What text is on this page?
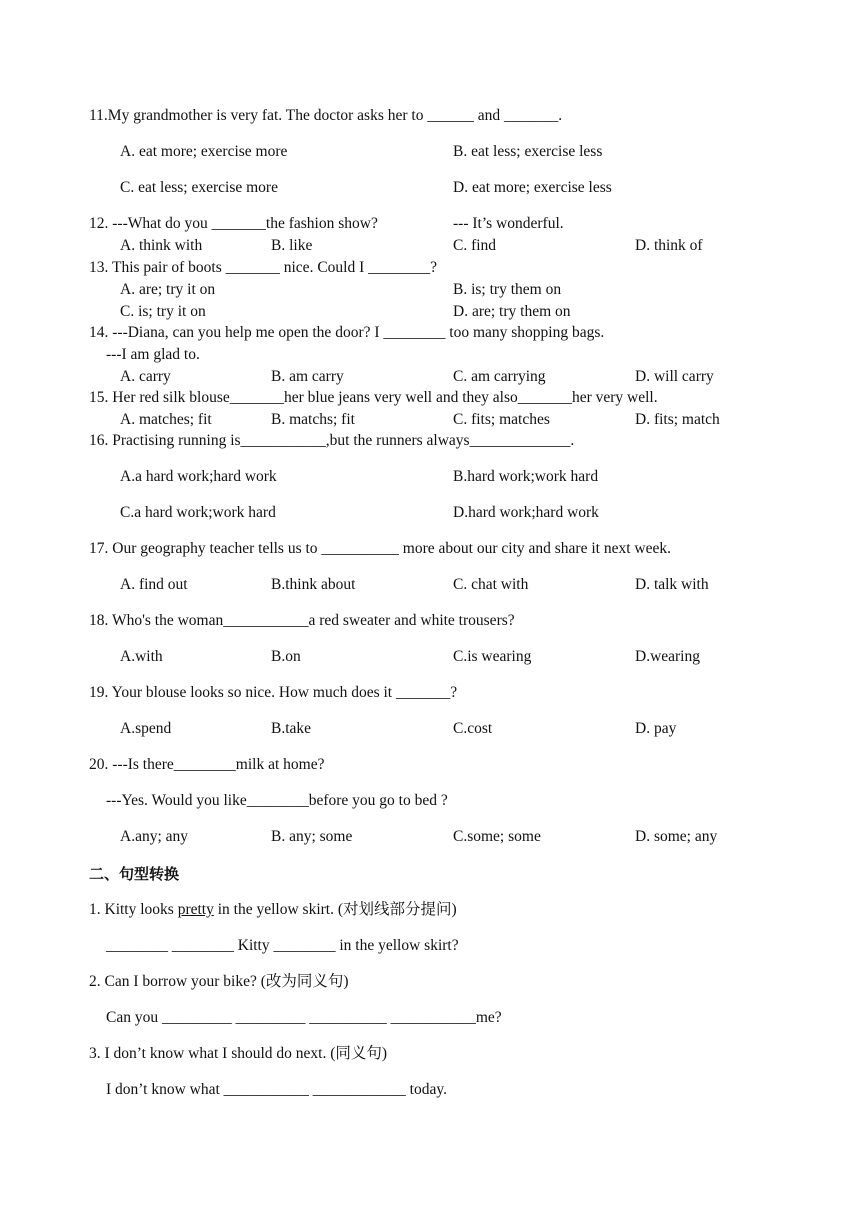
11.My grandmother is very fat. The doctor asks her to ______ and _______.
A. eat more; exercise more	B. eat less; exercise less
C. eat less; exercise more	D. eat more; exercise less
12. ---What do you _______the fashion show?	--- It’s wonderful.
A. think with	B. like	C. find	D. think of
13. This pair of boots _______ nice. Could I ________?
A. are; try it on	B. is; try them on
C. is; try it on	D. are; try them on
14. ---Diana, can you help me open the door? I ________ too many shopping bags.
---I am glad to.
A. carry	B. am carry	C. am carrying	D. will carry
15. Her red silk blouse_______her blue jeans very well and they also_______her very well.
A. matches; fit	B. matchs; fit	C. fits; matches	D. fits; match
16. Practising running is___________,but the runners always_____________.
A.a hard work;hard work	B.hard work;work hard
C.a hard work;work hard	D.hard work;hard work
17. Our geography teacher tells us to __________ more about our city and share it next week.
A. find out	B.think about	C. chat with	D. talk with
18. Who's the woman___________a red sweater and white trousers?
A.with	B.on	C.is wearing	D.wearing
19. Your blouse looks so nice. How much does it _______?
A.spend	B.take	C.cost	D. pay
20. ---Is there________milk at home?
---Yes. Would you like________before you go to bed ?
A.any; any	B. any; some	C.some; some	D. some; any
二、句型转换
1. Kitty looks pretty in the yellow skirt. (对划线部分提问)
________ ________ Kitty ________ in the yellow skirt?
2. Can I borrow your bike? (改为同义句)
Can you _________ _________ __________ ___________me?
3. I don’t know what I should do next. (同义句)
I don’t know what ___________ ____________ today.
